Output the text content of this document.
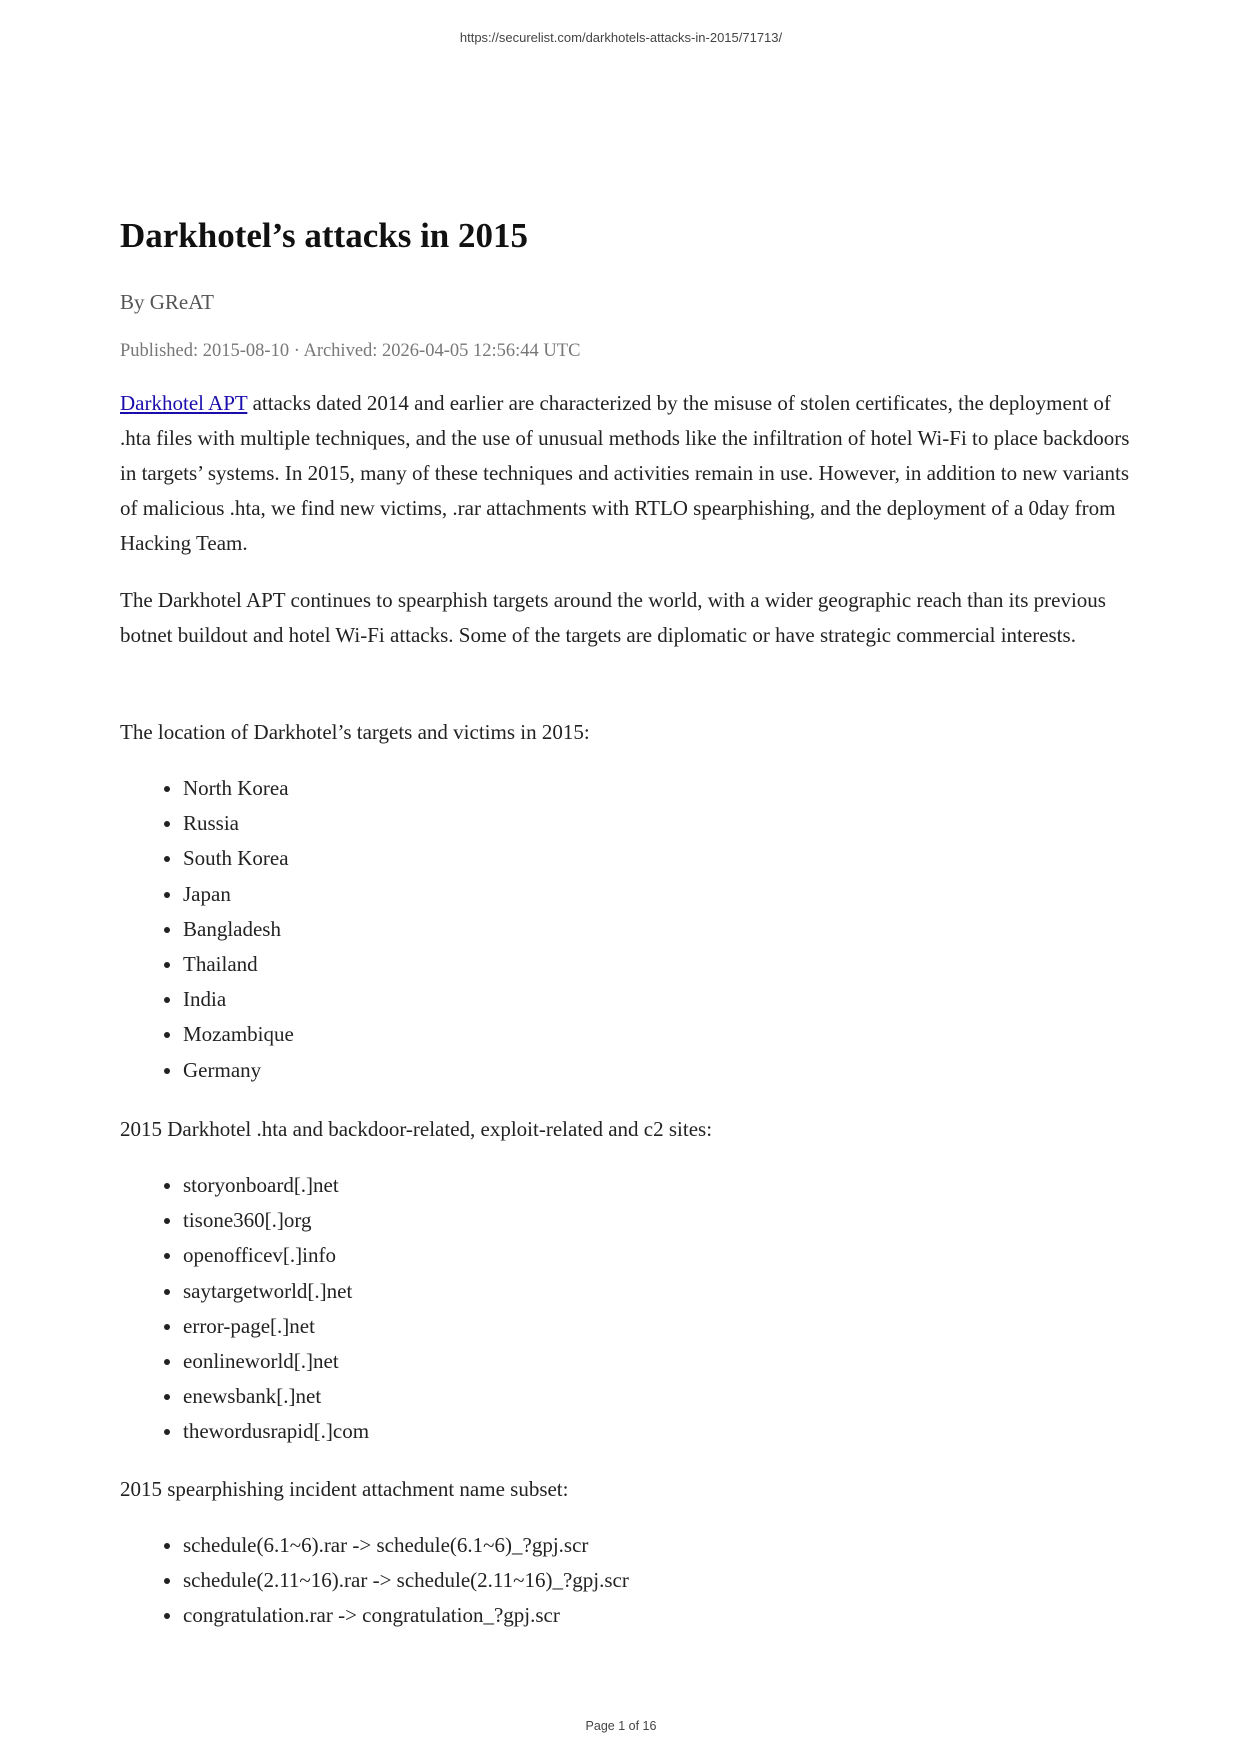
https://securelist.com/darkhotels-attacks-in-2015/71713/
Darkhotel’s attacks in 2015
By GReAT
Published: 2015-08-10 · Archived: 2026-04-05 12:56:44 UTC

Darkhotel APT attacks dated 2014 and earlier are characterized by the misuse of stolen certificates, the deployment of .hta files with multiple techniques, and the use of unusual methods like the infiltration of hotel Wi-Fi to place backdoors in targets’ systems. In 2015, many of these techniques and activities remain in use. However, in addition to new variants of malicious .hta, we find new victims, .rar attachments with RTLO spearphishing, and the deployment of a 0day from Hacking Team.

The Darkhotel APT continues to spearphish targets around the world, with a wider geographic reach than its previous botnet buildout and hotel Wi-Fi attacks. Some of the targets are diplomatic or have strategic commercial interests.

The location of Darkhotel’s targets and victims in 2015:

• North Korea
• Russia
• South Korea
• Japan
• Bangladesh
• Thailand
• India
• Mozambique
• Germany

2015 Darkhotel .hta and backdoor-related, exploit-related and c2 sites:

• storyonboard[.]net
• tisone360[.]org
• openofficev[.]info
• saytargetworld[.]net
• error-page[.]net
• eonlineworld[.]net
• enewsbank[.]net
• thewordusrapid[.]com

2015 spearphishing incident attachment name subset:

• schedule(6.1~6).rar -> schedule(6.1~6)_?gpj.scr
• schedule(2.11~16).rar -> schedule(2.11~16)_?gpj.scr
• congratulation.rar -> congratulation_?gpj.scr
Page 1 of 16
